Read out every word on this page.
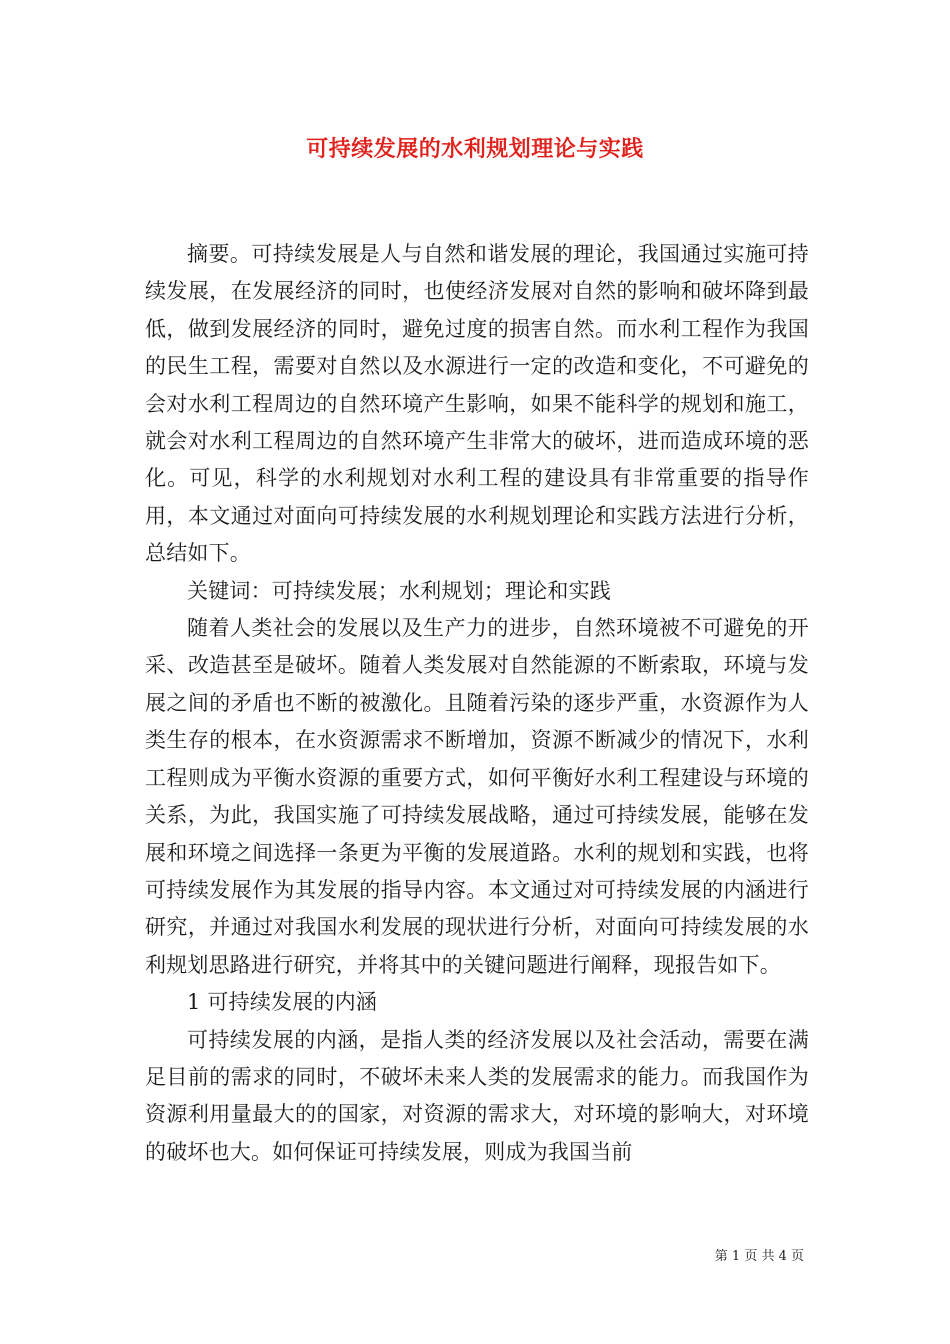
可持续发展的水利规划理论与实践

摘要。可持续发展是人与自然和谐发展的理论，我国通过实施可持续发展，在发展经济的同时，也使经济发展对自然的影响和破坏降到最低，做到发展经济的同时，避免过度的损害自然。而水利工程作为我国的民生工程，需要对自然以及水源进行一定的改造和变化，不可避免的会对水利工程周边的自然环境产生影响，如果不能科学的规划和施工，就会对水利工程周边的自然环境产生非常大的破坏，进而造成环境的恶化。可见，科学的水利规划对水利工程的建设具有非常重要的指导作用，本文通过对面向可持续发展的水利规划理论和实践方法进行分析，总结如下。

关键词：可持续发展；水利规划；理论和实践

随着人类社会的发展以及生产力的进步，自然环境被不可避免的开采、改造甚至是破坏。随着人类发展对自然能源的不断索取，环境与发展之间的矛盾也不断的被激化。且随着污染的逐步严重，水资源作为人类生存的根本，在水资源需求不断增加，资源不断减少的情况下，水利工程则成为平衡水资源的重要方式，如何平衡好水利工程建设与环境的关系，为此，我国实施了可持续发展战略，通过可持续发展，能够在发展和环境之间选择一条更为平衡的发展道路。水利的规划和实践，也将可持续发展作为其发展的指导内容。本文通过对可持续发展的内涵进行研究，并通过对我国水利发展的现状进行分析，对面向可持续发展的水利规划思路进行研究，并将其中的关键问题进行阐释，现报告如下。

1 可持续发展的内涵

可持续发展的内涵，是指人类的经济发展以及社会活动，需要在满足目前的需求的同时，不破坏未来人类的发展需求的能力。而我国作为资源利用量最大的的国家，对资源的需求大，对环境的影响大，对环境的破坏也大。如何保证可持续发展，则成为我国当前

第 1 页 共 4 页
